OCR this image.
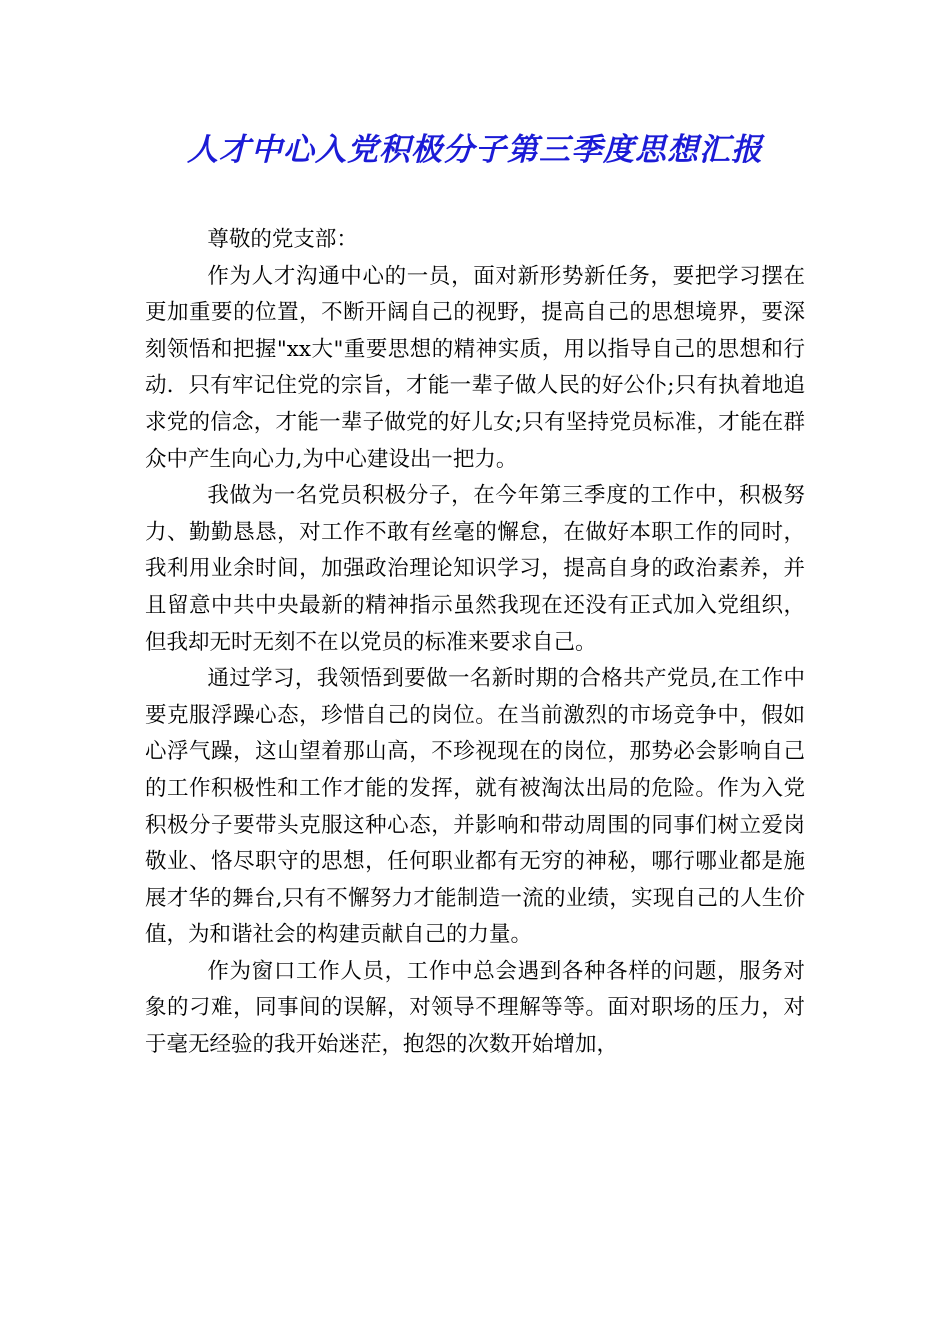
人才中心入党积极分子第三季度思想汇报

尊敬的党支部：

作为人才沟通中心的一员，面对新形势新任务，要把学习摆在更加重要的位置，不断开阔自己的视野，提高自己的思想境界，要深刻领悟和把握"xx大"重要思想的精神实质，用以指导自己的思想和行动．只有牢记住党的宗旨，才能一辈子做人民的好公仆;只有执着地追求党的信念，才能一辈子做党的好儿女;只有坚持党员标准，才能在群众中产生向心力,为中心建设出一把力。

我做为一名党员积极分子，在今年第三季度的工作中，积极努力、勤勤恳恳，对工作不敢有丝毫的懈怠，在做好本职工作的同时，我利用业余时间，加强政治理论知识学习，提高自身的政治素养，并且留意中共中央最新的精神指示虽然我现在还没有正式加入党组织，但我却无时无刻不在以党员的标准来要求自己。

通过学习，我领悟到要做一名新时期的合格共产党员,在工作中要克服浮躁心态，珍惜自己的岗位。在当前激烈的市场竞争中，假如心浮气躁，这山望着那山高，不珍视现在的岗位，那势必会影响自己的工作积极性和工作才能的发挥，就有被淘汰出局的危险。作为入党积极分子要带头克服这种心态，并影响和带动周围的同事们树立爱岗敬业、恪尽职守的思想，任何职业都有无穷的神秘，哪行哪业都是施展才华的舞台,只有不懈努力才能制造一流的业绩，实现自己的人生价值，为和谐社会的构建贡献自己的力量。

作为窗口工作人员，工作中总会遇到各种各样的问题，服务对象的刁难，同事间的误解，对领导不理解等等。面对职场的压力，对于毫无经验的我开始迷茫，抱怨的次数开始增加，
